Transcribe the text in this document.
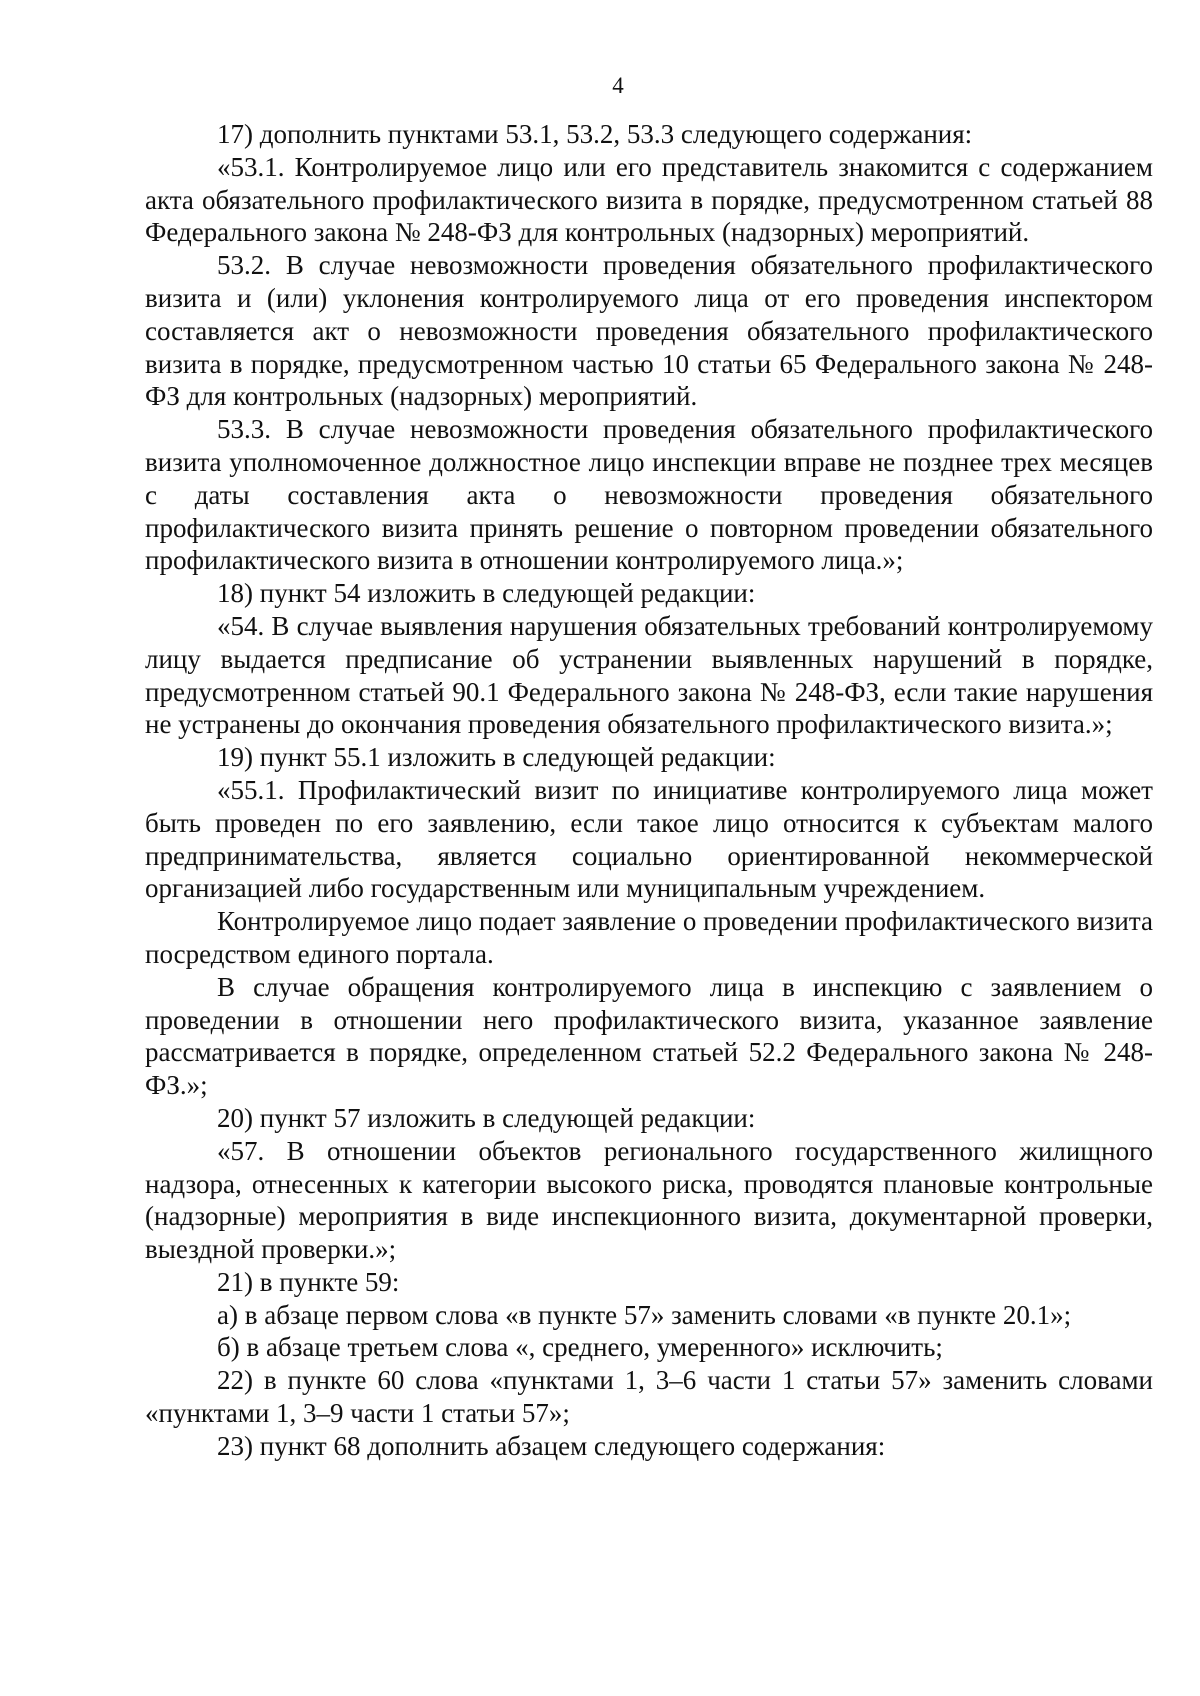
4

17) дополнить пунктами 53.1, 53.2, 53.3 следующего содержания:

«53.1. Контролируемое лицо или его представитель знакомится с содержанием акта обязательного профилактического визита в порядке, предусмотренном статьей 88 Федерального закона № 248-ФЗ для контрольных (надзорных) мероприятий.

53.2. В случае невозможности проведения обязательного профилактического визита и (или) уклонения контролируемого лица от его проведения инспектором составляется акт о невозможности проведения обязательного профилактического визита в порядке, предусмотренном частью 10 статьи 65 Федерального закона № 248-ФЗ для контрольных (надзорных) мероприятий.

53.3. В случае невозможности проведения обязательного профилактического визита уполномоченное должностное лицо инспекции вправе не позднее трех месяцев с даты составления акта о невозможности проведения обязательного профилактического визита принять решение о повторном проведении обязательного профилактического визита в отношении контролируемого лица.»;

18) пункт 54 изложить в следующей редакции:

«54. В случае выявления нарушения обязательных требований контролируемому лицу выдается предписание об устранении выявленных нарушений в порядке, предусмотренном статьей 90.1 Федерального закона № 248-ФЗ, если такие нарушения не устранены до окончания проведения обязательного профилактического визита.»;

19) пункт 55.1 изложить в следующей редакции:

«55.1. Профилактический визит по инициативе контролируемого лица может быть проведен по его заявлению, если такое лицо относится к субъектам малого предпринимательства, является социально ориентированной некоммерческой организацией либо государственным или муниципальным учреждением.

Контролируемое лицо подает заявление о проведении профилактического визита посредством единого портала.

В случае обращения контролируемого лица в инспекцию с заявлением о проведении в отношении него профилактического визита, указанное заявление рассматривается в порядке, определенном статьей 52.2 Федерального закона № 248-ФЗ.»;

20) пункт 57 изложить в следующей редакции:

«57. В отношении объектов регионального государственного жилищного надзора, отнесенных к категории высокого риска, проводятся плановые контрольные (надзорные) мероприятия в виде инспекционного визита, документарной проверки, выездной проверки.»;

21) в пункте 59:

а) в абзаце первом слова «в пункте 57» заменить словами «в пункте 20.1»;

б) в абзаце третьем слова «, среднего, умеренного» исключить;

22) в пункте 60 слова «пунктами 1, 3–6 части 1 статьи 57» заменить словами «пунктами 1, 3–9 части 1 статьи 57»;

23) пункт 68 дополнить абзацем следующего содержания:
